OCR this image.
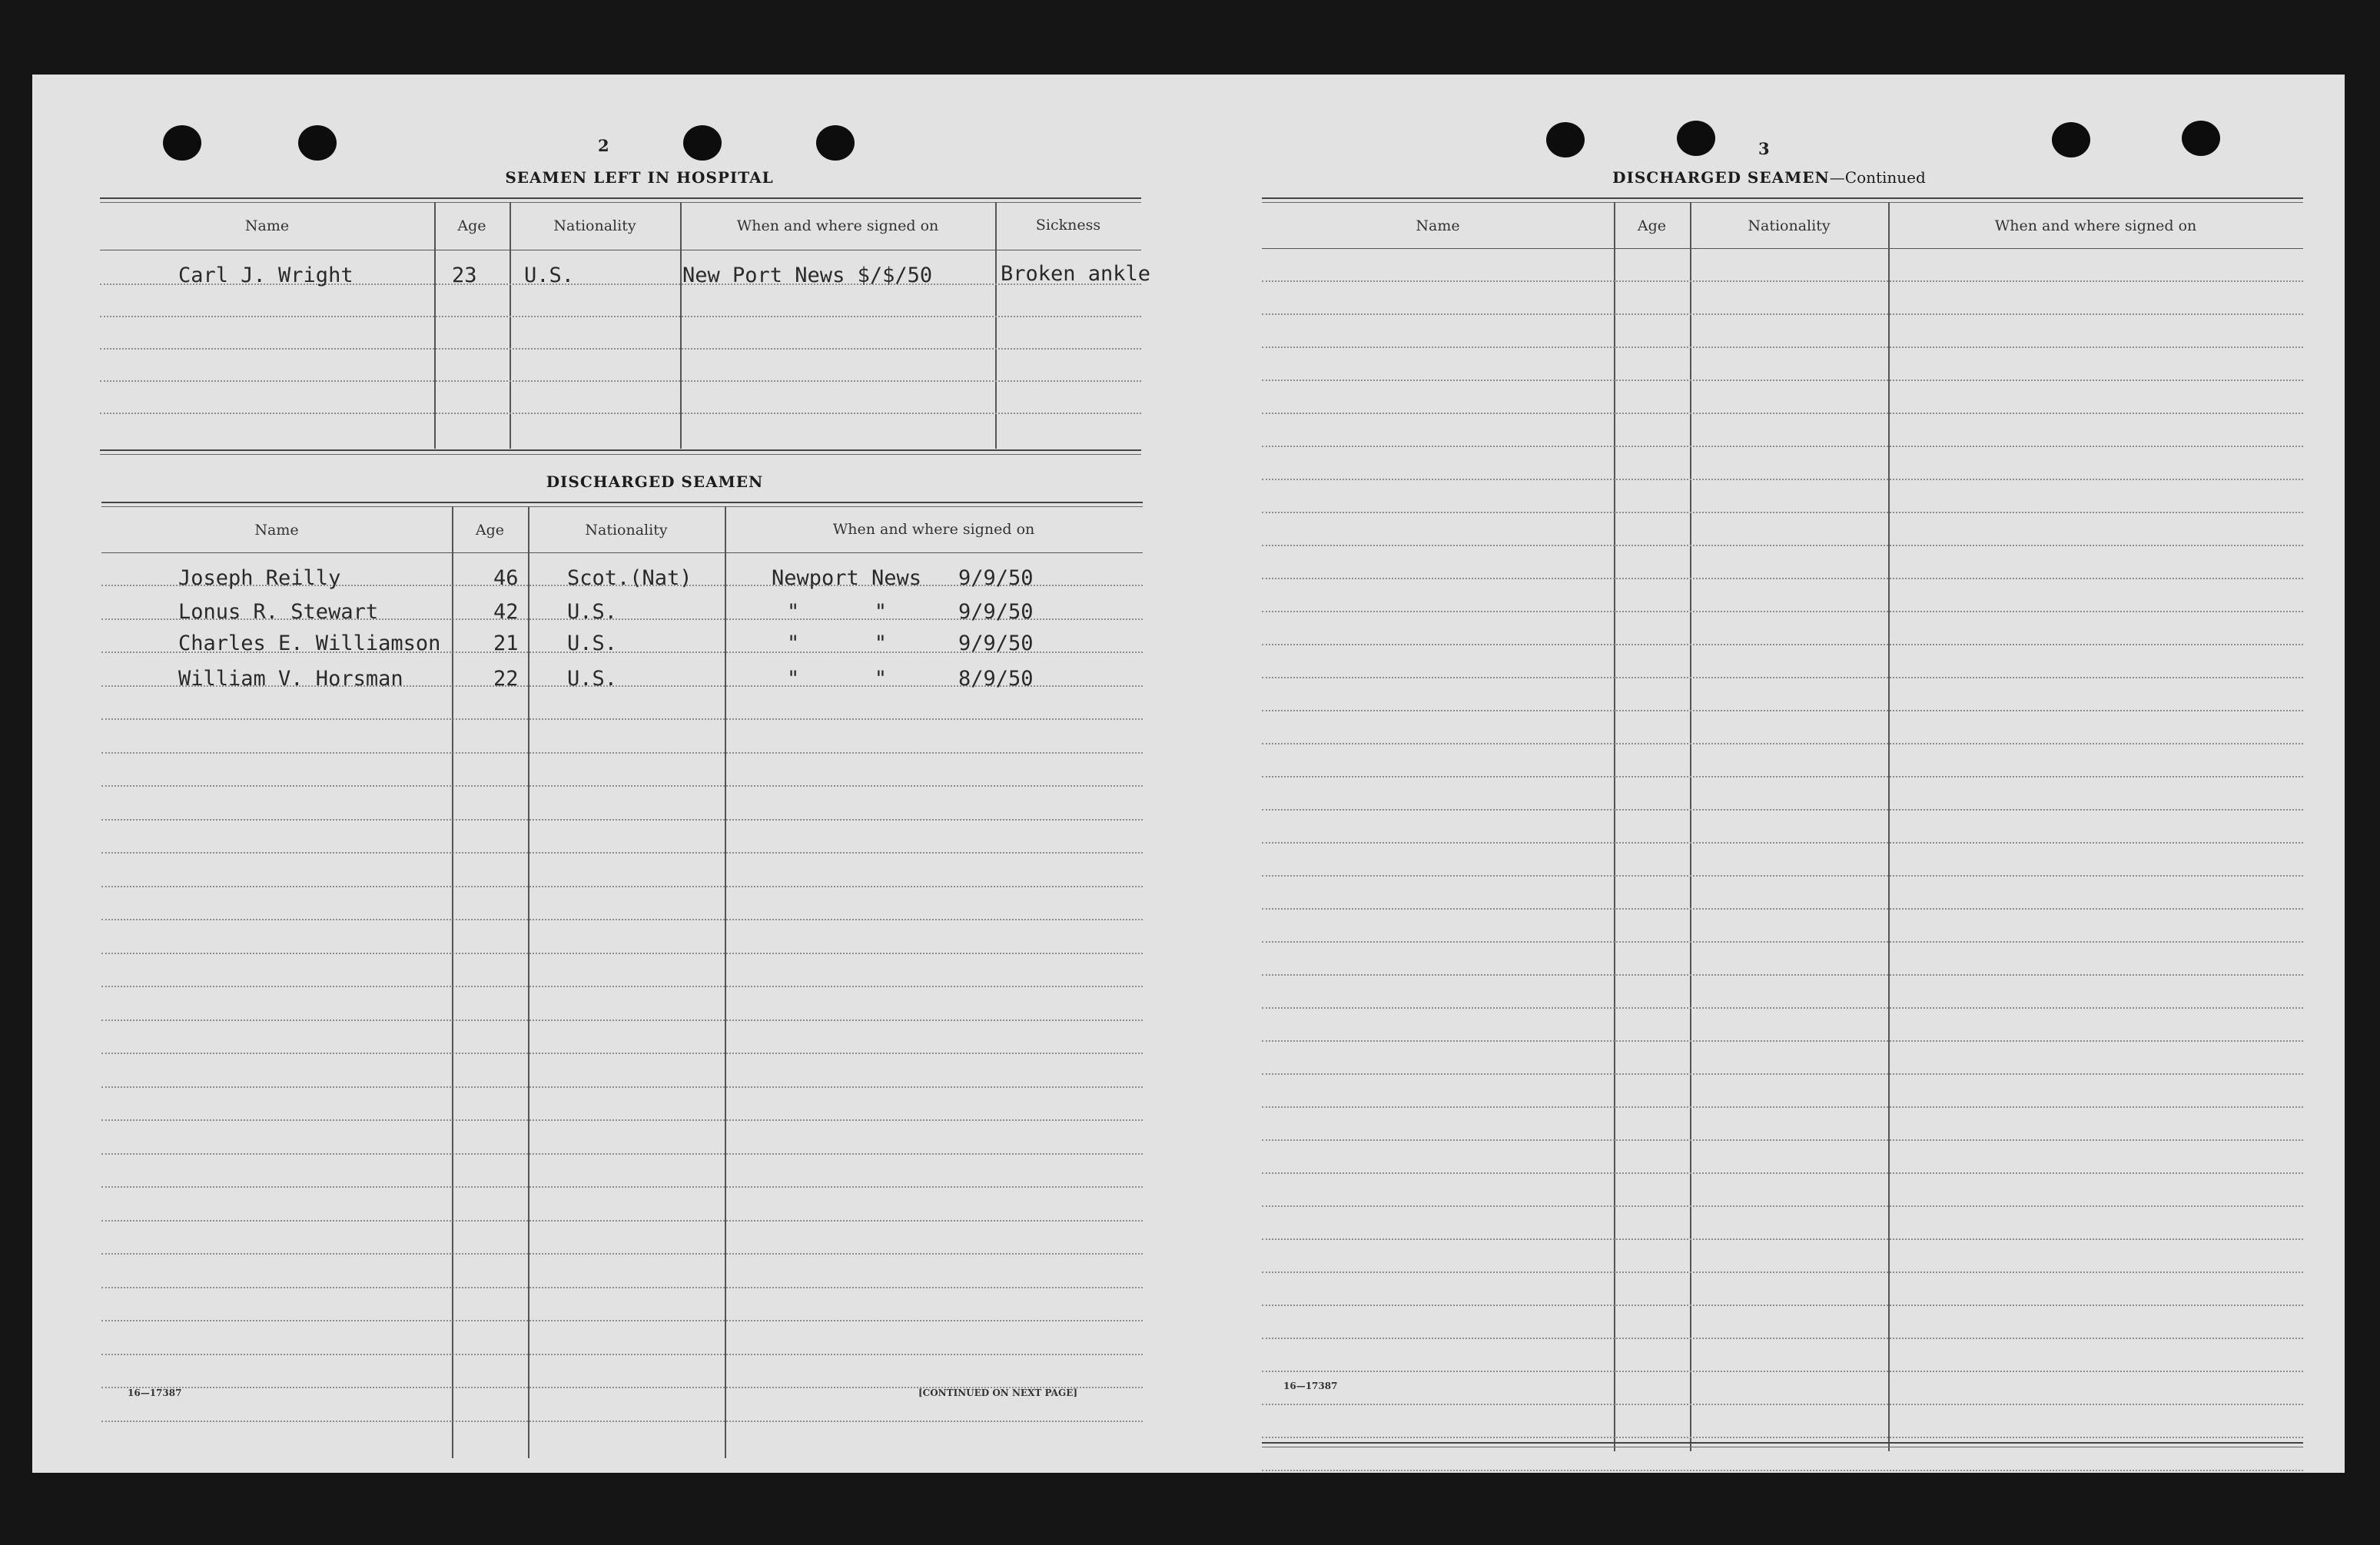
2
SEAMEN LEFT IN HOSPITAL
Name	Age	Nationality	When and where signed on	Sickness
Carl J. Wright	23 U.S.	New Port News $/$/50	Broken ankle
DISCHARGED SEAMEN
Name	Age	Nationality	When and where signed on
Joseph Reilly	46 Scot.(Nat)	Newport News 9/9/50
Lonus R. Stewart	42 U.S.	"      "	9/9/50
Charles E. Williamson	21 U.S.	"      "	9/9/50
William V. Horsman	22 U.S.	"      "	8/9/50
16—17387	[CONTINUED ON NEXT PAGE]
3
DISCHARGED SEAMEN—Continued
Name	Age	Nationality	When and where signed on
16—17387
